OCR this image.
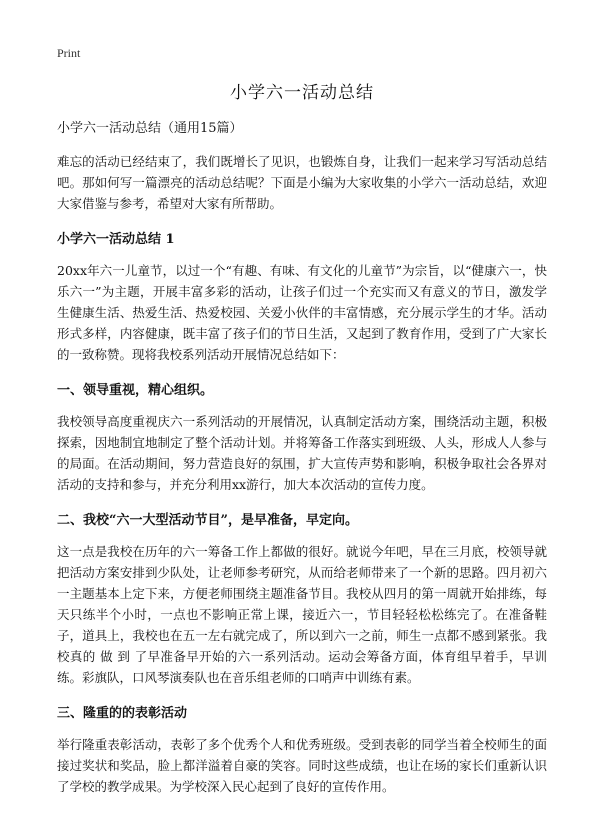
Print
小学六一活动总结
小学六一活动总结（通用15篇）

难忘的活动已经结束了，我们既增长了见识，也锻炼自身，让我们一起来学习写活动总结吧。那如何写一篇漂亮的活动总结呢？下面是小编为大家收集的小学六一活动总结，欢迎大家借鉴与参考，希望对大家有所帮助。

小学六一活动总结 1

20xx年六一儿童节，以过一个“有趣、有味、有文化的儿童节”为宗旨，以“健康六一，快乐六一”为主题，开展丰富多彩的活动，让孩子们过一个充实而又有意义的节日，激发学生健康生活、热爱生活、热爱校园、关爱小伙伴的丰富情感，充分展示学生的才华。活动形式多样，内容健康，既丰富了孩子们的节日生活，又起到了教育作用，受到了广大家长的一致称赞。现将我校系列活动开展情况总结如下：

一、领导重视，精心组织。

我校领导高度重视庆六一系列活动的开展情况，认真制定活动方案，围绕活动主题，积极探索，因地制宜地制定了整个活动计划。并将筹备工作落实到班级、人头，形成人人参与的局面。在活动期间，努力营造良好的氛围，扩大宣传声势和影响，积极争取社会各界对活动的支持和参与，并充分利用xx游行，加大本次活动的宣传力度。

二、我校“六一大型活动节目”，是早准备，早定向。

这一点是我校在历年的六一筹备工作上都做的很好。就说今年吧，早在三月底，校领导就把活动方案安排到少队处，让老师参考研究，从而给老师带来了一个新的思路。四月初六一主题基本上定下来，方便老师围绕主题准备节目。我校从四月的第一周就开始排练，每天只练半个小时，一点也不影响正常上课，接近六一，节目轻轻松松练完了。在准备鞋子，道具上，我校也在五一左右就完成了，所以到六一之前，师生一点都不感到紧张。我校真的 做 到 了早准备早开始的六一系列活动。运动会筹备方面，体育组早着手，早训练。彩旗队，口风琴演奏队也在音乐组老师的口哨声中训练有素。

三、隆重的的表彰活动

举行隆重表彰活动，表彰了多个优秀个人和优秀班级。受到表彰的同学当着全校师生的面接过奖状和奖品，脸上都洋溢着自豪的笑容。同时这些成绩，也让在场的家长们重新认识了学校的教学成果。为学校深入民心起到了良好的宣传作用。
